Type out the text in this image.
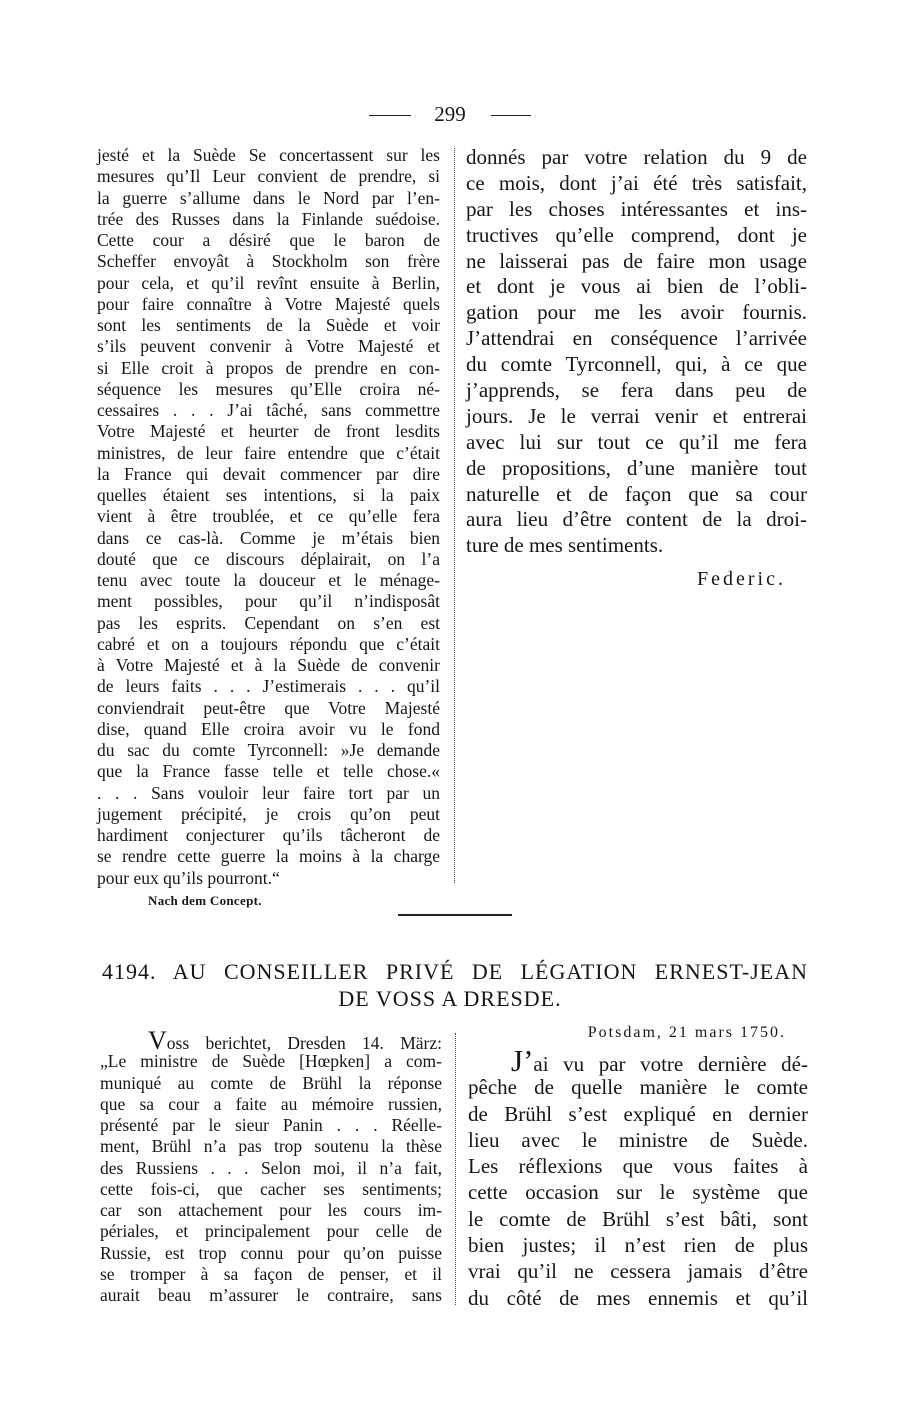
299
jesté et la Suède Se concertassent sur les
mesures qu’Il Leur convient de prendre, si
la guerre s’allume dans le Nord par l’en-
trée des Russes dans la Finlande suédoise.
Cette cour a désiré que le baron de
Scheffer envoyât à Stockholm son frère
pour cela, et qu’il revînt ensuite à Berlin,
pour faire connaître à Votre Majesté quels
sont les sentiments de la Suède et voir
s’ils peuvent convenir à Votre Majesté et
si Elle croit à propos de prendre en con-
séquence les mesures qu’Elle croira né-
cessaires . . . J’ai tâché, sans commettre
Votre Majesté et heurter de front lesdits
ministres, de leur faire entendre que c’était
la France qui devait commencer par dire
quelles étaient ses intentions, si la paix
vient à être troublée, et ce qu’elle fera
dans ce cas-là. Comme je m’étais bien
douté que ce discours déplairait, on l’a
tenu avec toute la douceur et le ménage-
ment possibles, pour qu’il n’indisposât
pas les esprits. Cependant on s’en est
cabré et on a toujours répondu que c’était
à Votre Majesté et à la Suède de convenir
de leurs faits . . . J’estimerais . . . qu’il
conviendrait peut-être que Votre Majesté
dise, quand Elle croira avoir vu le fond
du sac du comte Tyrconnell: »Je demande
que la France fasse telle et telle chose.«
. . . Sans vouloir leur faire tort par un
jugement précipité, je crois qu’on peut
hardiment conjecturer qu’ils tâcheront de
se rendre cette guerre la moins à la charge
pour eux qu’ils pourront.“
donnés par votre relation du 9 de
ce mois, dont j’ai été très satisfait,
par les choses intéressantes et ins-
tructives qu’elle comprend, dont je
ne laisserai pas de faire mon usage
et dont je vous ai bien de l’obli-
gation pour me les avoir fournis.
J’attendrai en conséquence l’arrivée
du comte Tyrconnell, qui, à ce que
j’apprends, se fera dans peu de
jours. Je le verrai venir et entrerai
avec lui sur tout ce qu’il me fera
de propositions, d’une manière tout
naturelle et de façon que sa cour
aura lieu d’être content de la droi-
ture de mes sentiments.
Federic.
Nach dem Concept.
4194. AU CONSEILLER PRIVÉ DE LÉGATION ERNEST-JEAN
DE VOSS A DRESDE.
Voss berichtet, Dresden 14. März:
„Le ministre de Suède [Hœpken] a com-
muniqué au comte de Brühl la réponse
que sa cour a faite au mémoire russien,
présenté par le sieur Panin . . . Réelle-
ment, Brühl n’a pas trop soutenu la thèse
des Russiens . . . Selon moi, il n’a fait,
cette fois-ci, que cacher ses sentiments;
car son attachement pour les cours im-
périales, et principalement pour celle de
Russie, est trop connu pour qu’on puisse
se tromper à sa façon de penser, et il
aurait beau m’assurer le contraire, sans
Potsdam, 21 mars 1750.
J’ai vu par votre dernière dé-
pêche de quelle manière le comte
de Brühl s’est expliqué en dernier
lieu avec le ministre de Suède.
Les réflexions que vous faites à
cette occasion sur le système que
le comte de Brühl s’est bâti, sont
bien justes; il n’est rien de plus
vrai qu’il ne cessera jamais d’être
du côté de mes ennemis et qu’il
